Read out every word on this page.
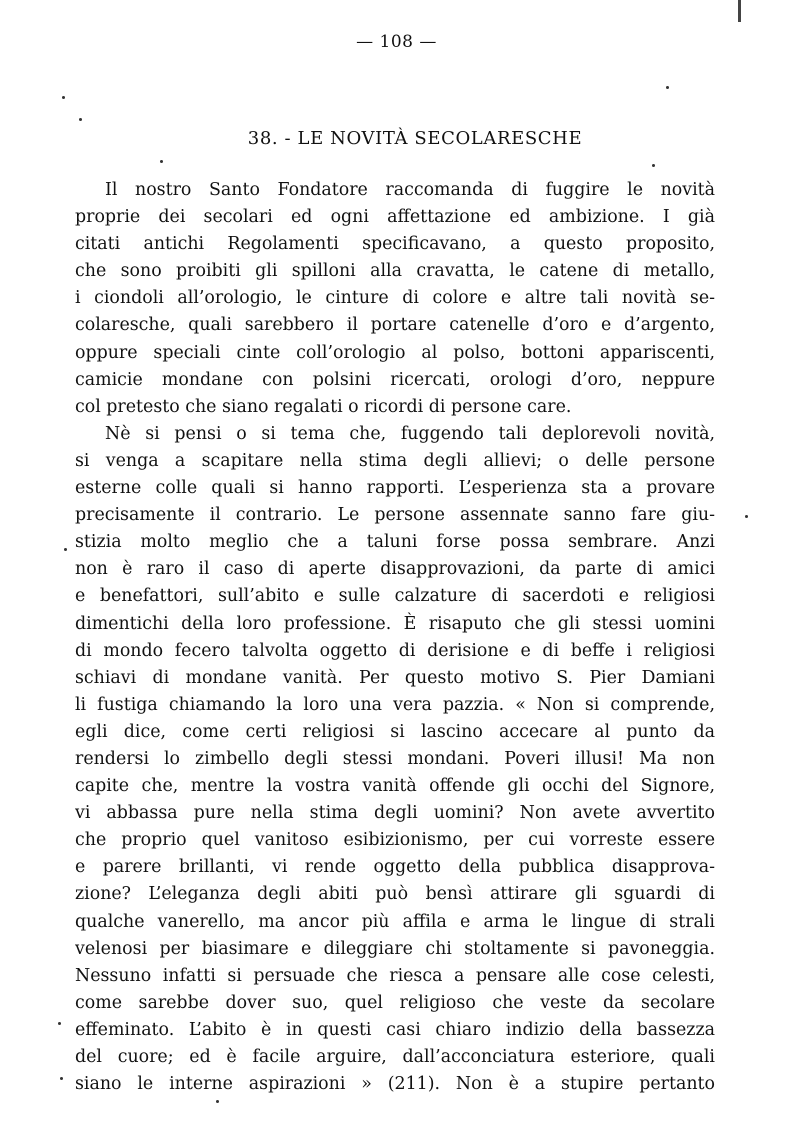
— 108 —
38. - LE NOVITÀ SECOLARESCHE
Il nostro Santo Fondatore raccomanda di fuggire le novità
proprie dei secolari ed ogni affettazione ed ambizione. I già
citati antichi Regolamenti specificavano, a questo proposito,
che sono proibiti gli spilloni alla cravatta, le catene di metallo,
i ciondoli all’orologio, le cinture di colore e altre tali novità se-
colaresche, quali sarebbero il portare catenelle d’oro e d’argento,
oppure speciali cinte coll’orologio al polso, bottoni appariscenti,
camicie mondane con polsini ricercati, orologi d’oro, neppure
col pretesto che siano regalati o ricordi di persone care.
Nè si pensi o si tema che, fuggendo tali deplorevoli novità,
si venga a scapitare nella stima degli allievi; o delle persone
esterne colle quali si hanno rapporti. L’esperienza sta a provare
precisamente il contrario. Le persone assennate sanno fare giu-
stizia molto meglio che a taluni forse possa sembrare. Anzi
non è raro il caso di aperte disapprovazioni, da parte di amici
e benefattori, sull’abito e sulle calzature di sacerdoti e religiosi
dimentichi della loro professione. È risaputo che gli stessi uomini
di mondo fecero talvolta oggetto di derisione e di beffe i religiosi
schiavi di mondane vanità. Per questo motivo S. Pier Damiani
li fustiga chiamando la loro una vera pazzia. « Non si comprende,
egli dice, come certi religiosi si lascino accecare al punto da
rendersi lo zimbello degli stessi mondani. Poveri illusi! Ma non
capite che, mentre la vostra vanità offende gli occhi del Signore,
vi abbassa pure nella stima degli uomini? Non avete avvertito
che proprio quel vanitoso esibizionismo, per cui vorreste essere
e parere brillanti, vi rende oggetto della pubblica disapprova-
zione? L’eleganza degli abiti può bensì attirare gli sguardi di
qualche vanerello, ma ancor più affila e arma le lingue di strali
velenosi per biasimare e dileggiare chi stoltamente si pavoneggia.
Nessuno infatti si persuade che riesca a pensare alle cose celesti,
come sarebbe dover suo, quel religioso che veste da secolare
effeminato. L’abito è in questi casi chiaro indizio della bassezza
del cuore; ed è facile arguire, dall’acconciatura esteriore, quali
siano le interne aspirazioni » (211). Non è a stupire pertanto
